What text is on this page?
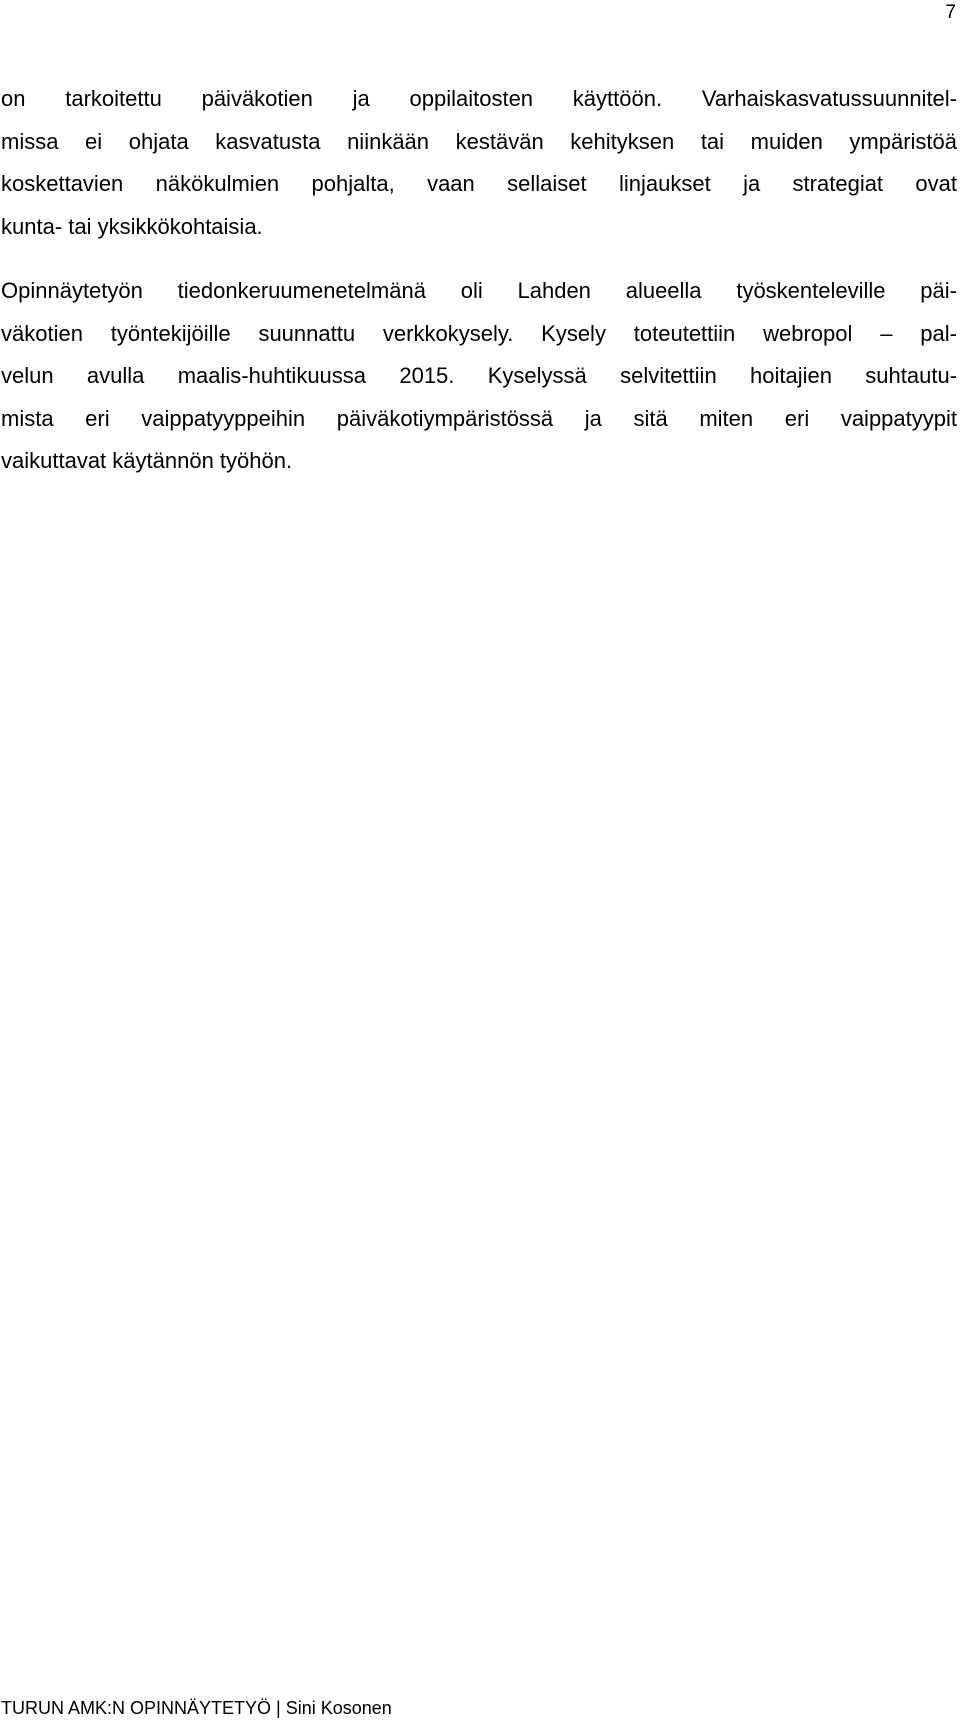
7

on tarkoitettu päiväkotien ja oppilaitosten käyttöön. Varhaiskasvatussuunnitel-
missa ei ohjata kasvatusta niinkään kestävän kehityksen tai muiden ympäristöä
koskettavien näkökulmien pohjalta, vaan sellaiset linjaukset ja strategiat ovat
kunta- tai yksikkökohtaisia.

Opinnäytetyön tiedonkeruumenetelmänä oli Lahden alueella työskenteleville päi-
väkotien työntekijöille suunnattu verkkokysely. Kysely toteutettiin webropol – pal-
velun avulla maalis-huhtikuussa 2015. Kyselyssä selvitettiin hoitajien suhtautu-
mista eri vaippatyyppeihin päiväkotiympäristössä ja sitä miten eri vaippatyypit
vaikuttavat käytännön työhön.

TURUN AMK:N OPINNÄYTETYÖ | Sini Kosonen
